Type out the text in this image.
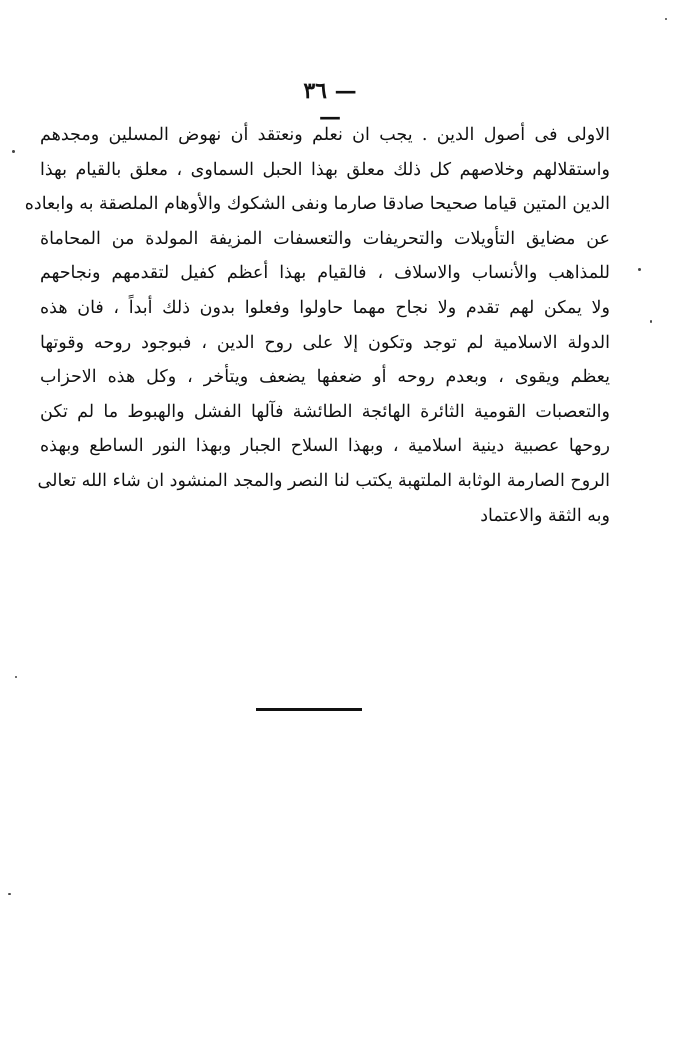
— ٣٦ —
الاولى فى أصول الدين . يجب ان نعلم ونعتقد أن نهوض المسلين ومجدهم
واستقلالهم وخلاصهم كل ذلك معلق بهذا الحبل السماوى ، معلق بالقيام بهذا
الدين المتين قياما صحيحا صادقا صارما ونفى الشكوك والأوهام الملصقة به وابعاده
عن مضايق التأويلات والتحريفات والتعسفات المزيفة المولدة من المحاماة
للمذاهب والأنساب والاسلاف ، فالقيام بهذا أعظم كفيل لتقدمهم ونجاحهم
ولا يمكن لهم تقدم ولا نجاح مهما حاولوا وفعلوا بدون ذلك أبداً ، فان هذه
الدولة الاسلامية لم توجد وتكون إلا على روح الدين ، فبوجود روحه وقوتها
يعظم ويقوى ، وبعدم روحه أو ضعفها يضعف ويتأخر ، وكل هذه الاحزاب
والتعصبات القومية الثائرة الهائجة الطائشة فآلها الفشل والهبوط ما لم تكن
روحها عصبية دينية اسلامية ، وبهذا السلاح الجبار وبهذا النور الساطع وبهذه
الروح الصارمة الوثابة الملتهبة يكتب لنا النصر والمجد المنشود ان شاء الله تعالى
وبه الثقة والاعتماد
